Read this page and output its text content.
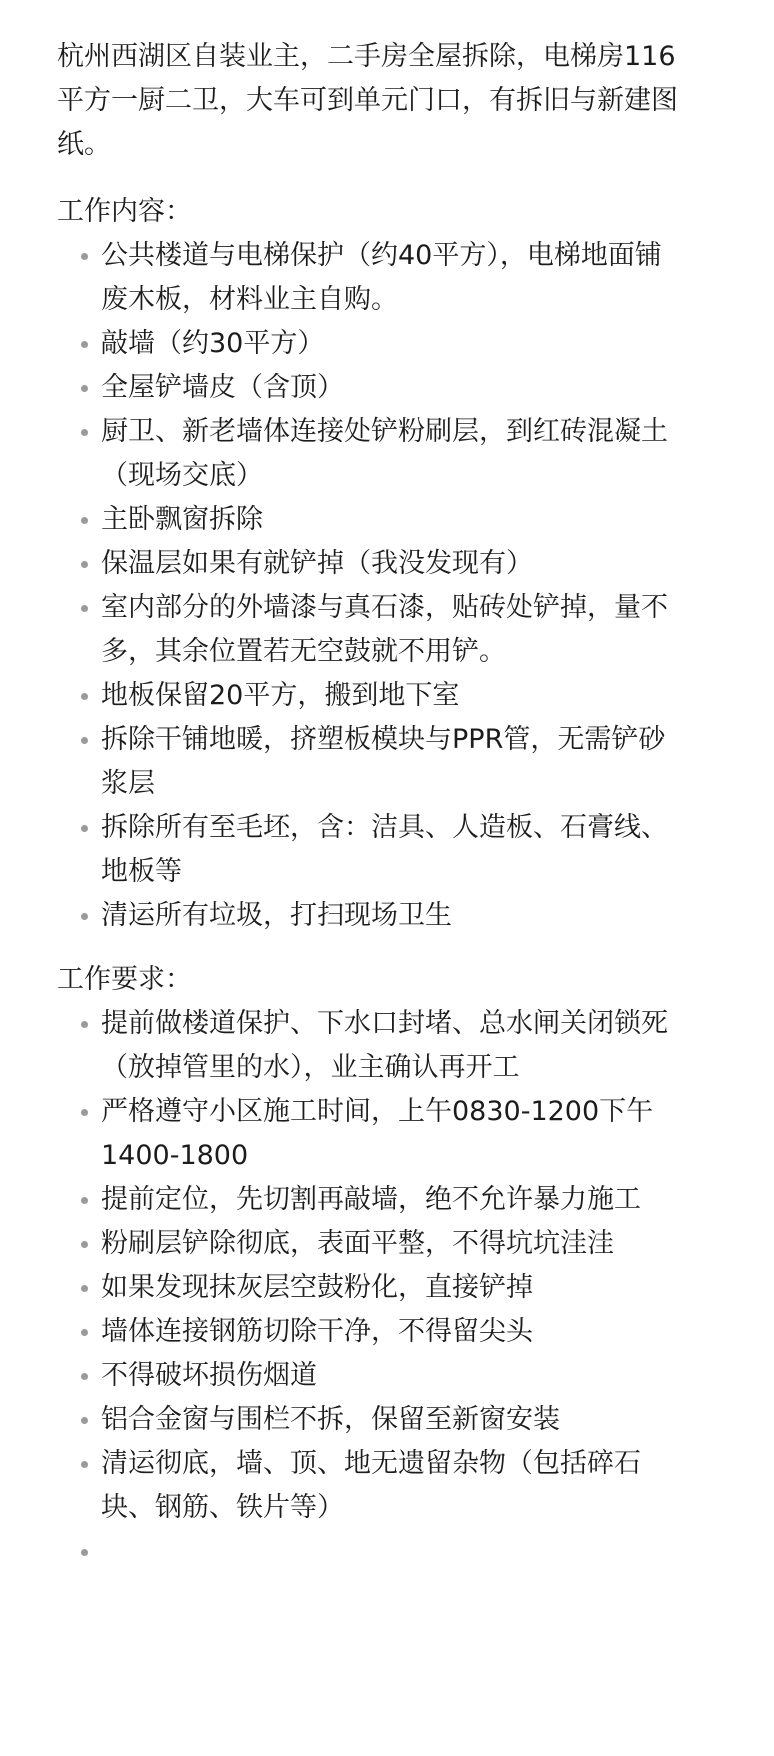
杭州西湖区自装业主，二手房全屋拆除，电梯房116
平方一厨二卫，大车可到单元门口，有拆旧与新建图
纸。
工作内容：
公共楼道与电梯保护（约40平方），电梯地面铺
废木板，材料业主自购。
敲墙（约30平方）
全屋铲墙皮（含顶）
厨卫、新老墙体连接处铲粉刷层，到红砖混凝土
（现场交底）
主卧飘窗拆除
保温层如果有就铲掉（我没发现有）
室内部分的外墙漆与真石漆，贴砖处铲掉，量不
多，其余位置若无空鼓就不用铲。
地板保留20平方，搬到地下室
拆除干铺地暖，挤塑板模块与PPR管，无需铲砂
浆层
拆除所有至毛坯，含：洁具、人造板、石膏线、
地板等
清运所有垃圾，打扫现场卫生
工作要求：
提前做楼道保护、下水口封堵、总水闸关闭锁死
（放掉管里的水），业主确认再开工
严格遵守小区施工时间，上午0830-1200下午
1400-1800
提前定位，先切割再敲墙，绝不允许暴力施工
粉刷层铲除彻底，表面平整，不得坑坑洼洼
如果发现抹灰层空鼓粉化，直接铲掉
墙体连接钢筋切除干净，不得留尖头
不得破坏损伤烟道
铝合金窗与围栏不拆，保留至新窗安装
清运彻底，墙、顶、地无遗留杂物（包括碎石
块、钢筋、铁片等）
